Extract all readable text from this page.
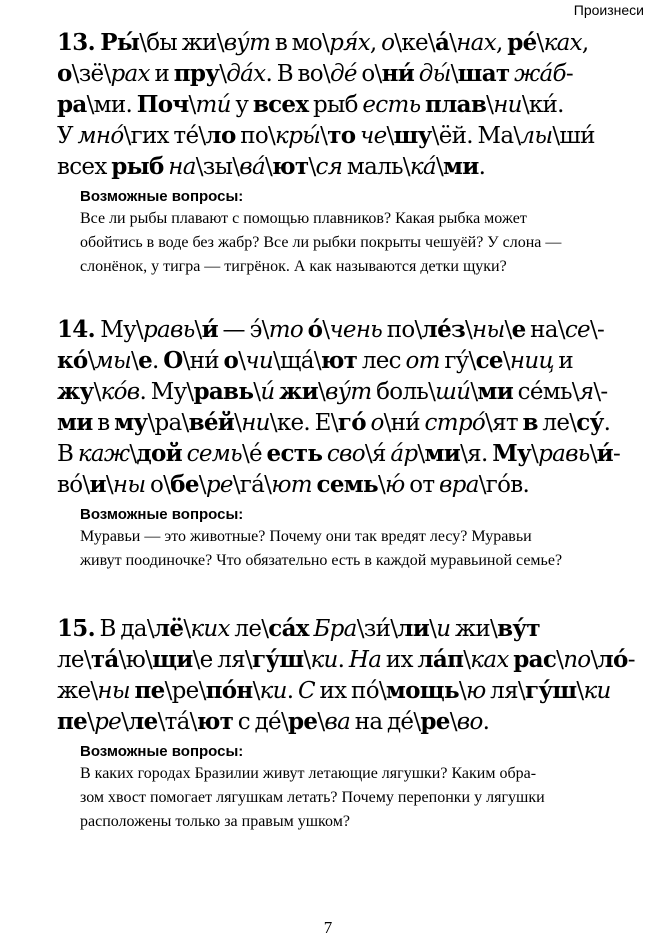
Произнеси
13. Ры́\бы жи\ву́т в мо\ря́х, о\ке\а́\нах, ре́\ках,
о\зё\рах и пру\да́х. В во\де́ о\ни́ ды́\шат жа́б-
ра\ми. Поч\ти́ у всех рыб есть плав\ни\ки́.
У мно́\гих те́\ло по\кры́\то че\шу\ёй. Ма\лы\ши́
всех рыб на\зы\ва́\ют\ся маль\ка́\ми.
Возможные вопросы:
Все ли рыбы плавают с помощью плавников? Какая рыбка может
обойтись в воде без жабр? Все ли рыбки покрыты чешуёй? У слона —
слонёнок, у тигра — тигрёнок. А как называются детки щуки?
14. Му\равь\и́ — э́\то о́\чень по\ле́з\ны\е на\се\-
ко́\мы\е. О\ни́ о\чи\ща́\ют лес от гу́\се\ниц и
жу\ко́в. Му\равь\и́ жи\ву́т боль\ши́\ми се́мь\я\-
ми в му\ра\ве́й\ни\ке. Е\го́ о\ни́ стро́\ят в ле\су́.
В каж\дой семь\е́ есть сво\я́ а́р\ми\я. Му\равь\и́-
во́\и\ны о\бе\ре\га́\ют семь\ю́ от вра\го́в.
Возможные вопросы:
Муравьи — это животные? Почему они так вредят лесу? Муравьи
живут поодиночке? Что обязательно есть в каждой муравьиной семье?
15. В да\лё\ких ле\са́х Бра\зи́\ли\и жи\ву́т
ле\та́\ю\щи\е ля\гу́ш\ки. На их ла́п\ках рас\по\ло́-
же\ны пе\ре\по́н\ки. С их по́\мощь\ю ля\гу́ш\ки
пе\ре\ле\та́\ют с де́\ре\ва на де́\ре\во.
Возможные вопросы:
В каких городах Бразилии живут летающие лягушки? Каким обра-
зом хвост помогает лягушкам летать? Почему перепонки у лягушки
расположены только за правым ушком?
7
